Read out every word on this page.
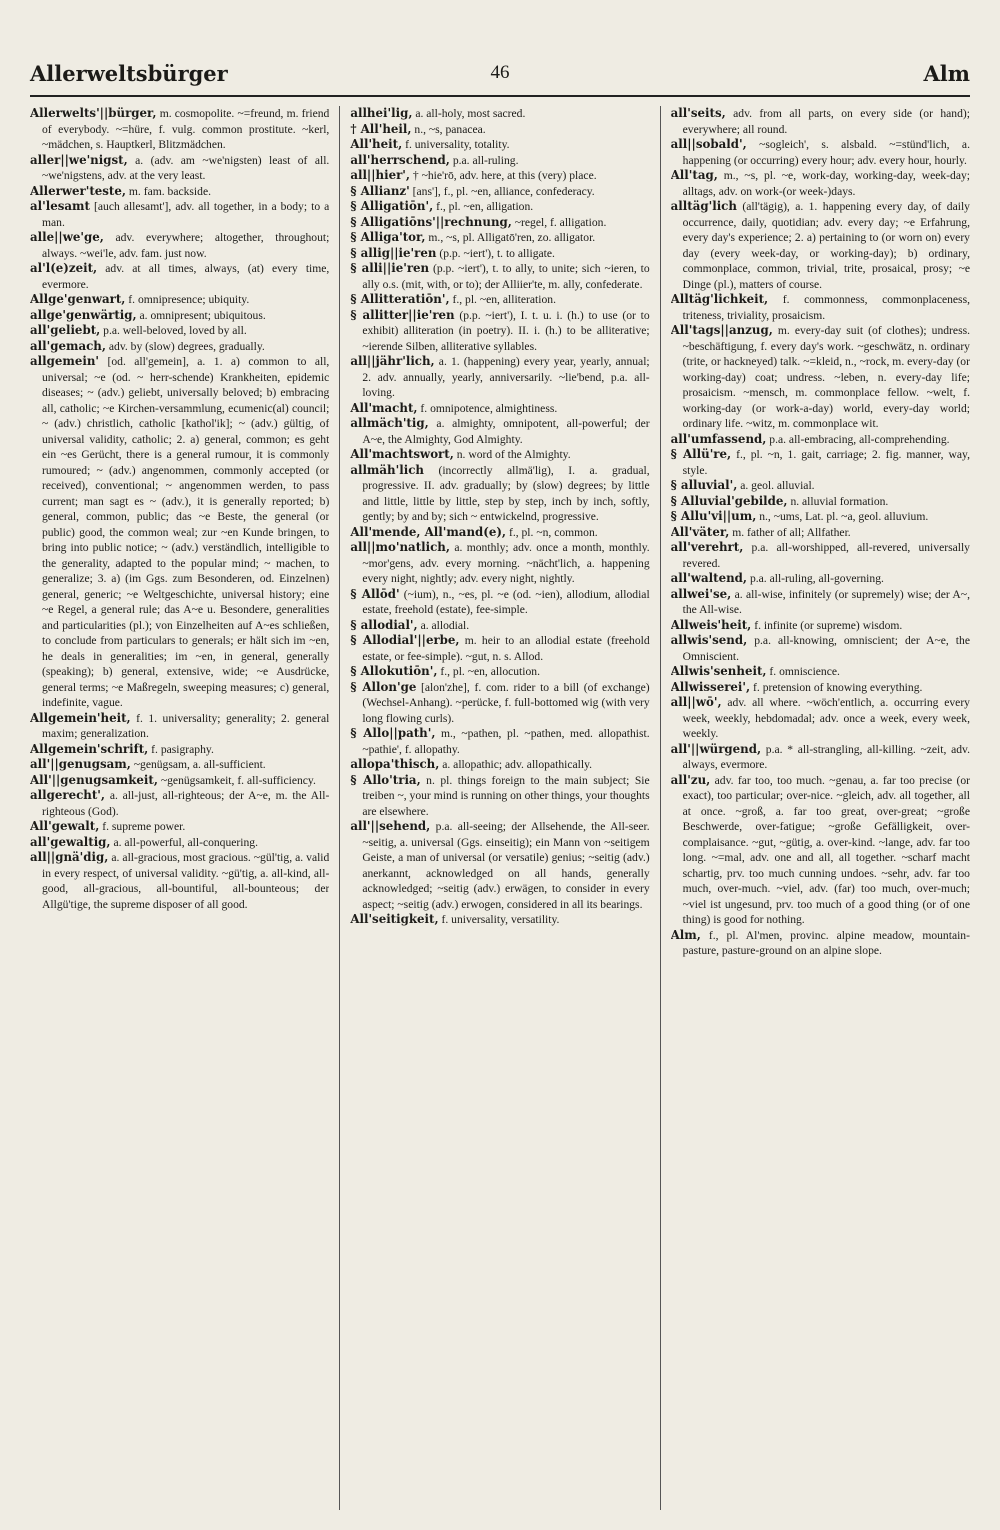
Allerweltsbürger	46	Alm

Allerwelts'||bürger, m. cosmopolite. ~=freund, m. friend of everybody. ~=hüre, f. vulg. common prostitute. ~kerl, ~mädchen, s. Hauptkerl, Blitzmädchen.

aller||we'nigst, a. (adv. am ~we'nigsten) least of all. ~we'nigstens, adv. at the very least.

Allerwer'teste, m. fam. backside.

al'lesamt [auch allesamt'], adv. all together, in a body; to a man.

alle||we'ge, adv. everywhere; altogether, throughout; always. ~wei'le, adv. fam. just now.

al'l(e)zeit, adv. at all times, always, (at) every time, evermore.

Allge'genwart, f. omnipresence; ubiquity.

allge'genwärtig, a. omnipresent; ubiquitous.

all'geliebt, p.a. well-beloved, loved by all.

all'gemach, adv. by (slow) degrees, gradually.

allgemein' [od. all'gemein], a. 1. a) common to all, universal; ~e (od. ~ herr-schende) Krankheiten, epidemic diseases; ~ (adv.) geliebt, universally beloved; b) embracing all, catholic; ~e Kirchen-versammlung, ecumenic(al) council; ~ (adv.) christlich, catholic [kathol'ik]; ~ (adv.) gültig, of universal validity, catholic; 2. a) general, common; es geht ein ~es Gerücht, there is a general rumour, it is commonly rumoured; ~ (adv.) angenommen, commonly accepted (or received), conventional; ~ angenommen werden, to pass current; man sagt es ~ (adv.), it is generally reported; b) general, common, public; das ~e Beste, the general (or public) good, the common weal; zur ~en Kunde bringen, to bring into public notice; ~ (adv.) verständlich, intelligible to the generality, adapted to the popular mind; ~ machen, to generalize; 3. a) (im Ggs. zum Besonderen, od. Einzelnen) general, generic; ~e Weltgeschichte, universal history; eine ~e Regel, a general rule; das A~e u. Besondere, generalities and particularities (pl.); von Einzelheiten auf A~es schließen, to conclude from particulars to generals; er hält sich im ~en, he deals in generalities; im ~en, in general, generally (speaking); b) general, extensive, wide; ~e Ausdrücke, general terms; ~e Maßregeln, sweeping measures; c) general, indefinite, vague.

Allgemein'heit, f. 1. universality; generality; 2. general maxim; generalization.

Allgemein'schrift, f. pasigraphy.

all'||genugsam, ~genügsam, a. all-sufficient.

All'||genugsamkeit, ~genügsamkeit, f. all-sufficiency.

allgerecht', a. all-just, all-righteous; der A~e, m. the All-righteous (God).

All'gewalt, f. supreme power.

all'gewaltig, a. all-powerful, all-conquering.

all||gnä'dig, a. all-gracious, most gracious. ~gül'tig, a. valid in every respect, of universal validity. ~gü'tig, a. all-kind, all-good, all-gracious, all-bountiful, all-bounteous; der Allgü'tige, the supreme disposer of all good.

allhei'lig, a. all-holy, most sacred.

† All'heil, n., ~s, panacea.

All'heit, f. universality, totality.

all'herrschend, p.a. all-ruling.

all||hier', † ~hie'rō, adv. here, at this (very) place.

§ Allianz' [ans'], f., pl. ~en, alliance, confederacy.

§ Alligatiōn', f., pl. ~en, alligation.

§ Alligatiōns'||rechnung, ~regel, f. alligation.

§ Alliga'tor, m., ~s, pl. Alligatō'ren, zo. alligator.

§ allig||ie'ren (p.p. ~iert'), t. to alligate.

§ alli||ie'ren (p.p. ~iert'), t. to ally, to unite; sich ~ieren, to ally o.s. (mit, with, or to); der Alliier'te, m. ally, confederate.

§ Allitteratiōn', f., pl. ~en, alliteration.

§ allitter||ie'ren (p.p. ~iert'), I. t. u. i. (h.) to use (or to exhibit) alliteration (in poetry). II. i. (h.) to be alliterative; ~ierende Silben, alliterative syllables.

all||jähr'lich, a. 1. (happening) every year, yearly, annual; 2. adv. annually, yearly, anniversarily. ~lie'bend, p.a. all-loving.

All'macht, f. omnipotence, almightiness.

allmäch'tig, a. almighty, omnipotent, all-powerful; der A~e, the Almighty, God Almighty.

All'machtswort, n. word of the Almighty.

allmäh'lich (incorrectly allmä'lig), I. a. gradual, progressive. II. adv. gradually; by (slow) degrees; by little and little, little by little, step by step, inch by inch, softly, gently; by and by; sich ~ entwickelnd, progressive.

All'mende, All'mand(e), f., pl. ~n, common.

all||mo'natlich, a. monthly; adv. once a month, monthly. ~mor'gens, adv. every morning. ~nächt'lich, a. happening every night, nightly; adv. every night, nightly.

§ Allōd' (~ium), n., ~es, pl. ~e (od. ~ien), allodium, allodial estate, freehold (estate), fee-simple.

§ allodial', a. allodial.

§ Allodial'||erbe, m. heir to an allodial estate (freehold estate, or fee-simple). ~gut, n. s. Allod.

§ Allokutiōn', f., pl. ~en, allocution.

§ Allon'ge [alon'zhe], f. com. rider to a bill (of exchange) (Wechsel-Anhang). ~perücke, f. full-bottomed wig (with very long flowing curls).

§ Allo||path', m., ~pathen, pl. ~pathen, med. allopathist. ~pathie', f. allopathy.

allopa'thisch, a. allopathic; adv. allopathically.

§ Allo'tria, n. pl. things foreign to the main subject; Sie treiben ~, your mind is running on other things, your thoughts are elsewhere.

all'||sehend, p.a. all-seeing; der Allsehende, the All-seer. ~seitig, a. universal (Ggs. einseitig); ein Mann von ~seitigem Geiste, a man of universal (or versatile) genius; ~seitig (adv.) anerkannt, acknowledged on all hands, generally acknowledged; ~seitig (adv.) erwägen, to consider in every aspect; ~seitig (adv.) erwogen, considered in all its bearings.

All'seitigkeit, f. universality, versatility.

all'seits, adv. from all parts, on every side (or hand); everywhere; all round.

all||sobald', ~sogleich', s. alsbald. ~=stünd'lich, a. happening (or occurring) every hour; adv. every hour, hourly.

All'tag, m., ~s, pl. ~e, work-day, working-day, week-day; alltags, adv. on work-(or week-)days.

alltäg'lich (all'tägig), a. 1. happening every day, of daily occurrence, daily, quotidian; adv. every day; ~e Erfahrung, every day's experience; 2. a) pertaining to (or worn on) every day (every week-day, or working-day); b) ordinary, commonplace, common, trivial, trite, prosaical, prosy; ~e Dinge (pl.), matters of course.

Alltäg'lichkeit, f. commonness, commonplaceness, triteness, triviality, prosaicism.

All'tags||anzug, m. every-day suit (of clothes); undress. ~beschäftigung, f. every day's work. ~geschwätz, n. ordinary (trite, or hackneyed) talk. ~=kleid, n., ~rock, m. every-day (or working-day) coat; undress. ~leben, n. every-day life; prosaicism. ~mensch, m. commonplace fellow. ~welt, f. working-day (or work-a-day) world, every-day world; ordinary life. ~witz, m. commonplace wit.

all'umfassend, p.a. all-embracing, all-comprehending.

§ Allü're, f., pl. ~n, 1. gait, carriage; 2. fig. manner, way, style.

§ alluvial', a. geol. alluvial.

§ Alluvial'gebilde, n. alluvial formation.

§ Allu'vi||um, n., ~ums, Lat. pl. ~a, geol. alluvium.

All'väter, m. father of all; Allfather.

all'verehrt, p.a. all-worshipped, all-revered, universally revered.

all'waltend, p.a. all-ruling, all-governing.

allwei'se, a. all-wise, infinitely (or supremely) wise; der A~, the All-wise.

Allweis'heit, f. infinite (or supreme) wisdom.

allwis'send, p.a. all-knowing, omniscient; der A~e, the Omniscient.

Allwis'senheit, f. omniscience.

Allwisserei', f. pretension of knowing everything.

all||wō', adv. all where. ~wöch'entlich, a. occurring every week, weekly, hebdomadal; adv. once a week, every week, weekly.

all'||würgend, p.a. * all-strangling, all-killing. ~zeit, adv. always, evermore.

all'zu, adv. far too, too much. ~genau, a. far too precise (or exact), too particular; over-nice. ~gleich, adv. all together, all at once. ~groß, a. far too great, over-great; ~große Beschwerde, over-fatigue; ~große Gefälligkeit, over-complaisance. ~gut, ~gütig, a. over-kind. ~lange, adv. far too long. ~=mal, adv. one and all, all together. ~scharf macht schartig, prv. too much cunning undoes. ~sehr, adv. far too much, over-much. ~viel, adv. (far) too much, over-much; ~viel ist ungesund, prv. too much of a good thing (or of one thing) is good for nothing.

Alm, f., pl. Al'men, provinc. alpine meadow, mountain-pasture, pasture-ground on an alpine slope.
